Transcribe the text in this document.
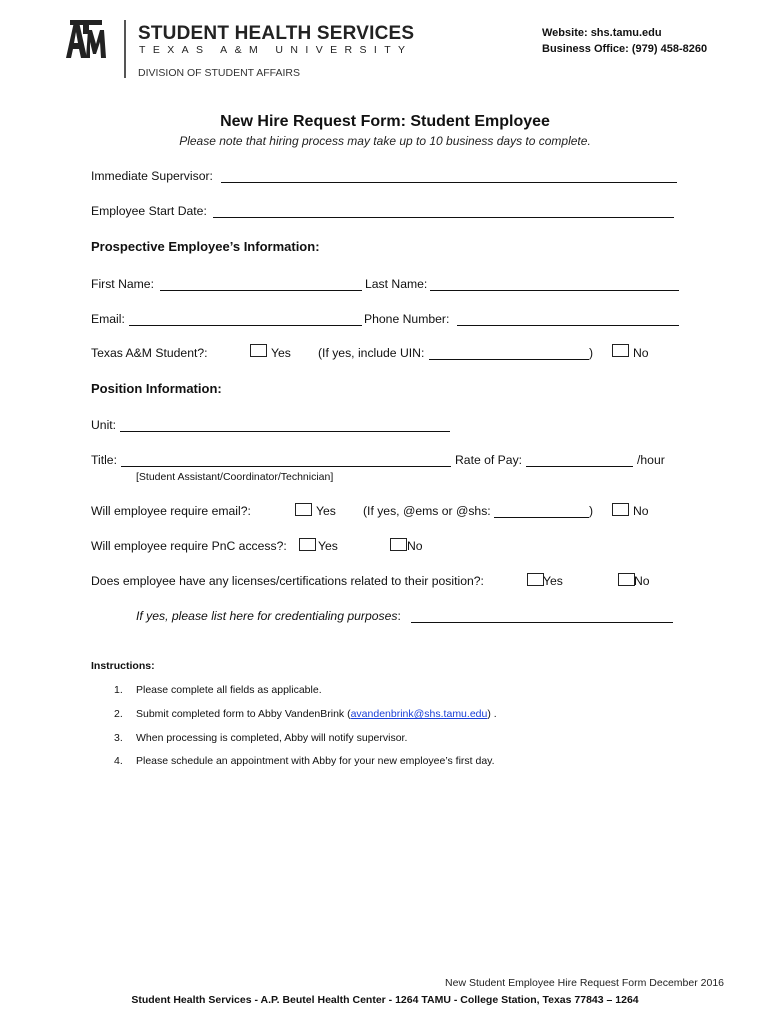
STUDENT HEALTH SERVICES
TEXAS A&M UNIVERSITY
DIVISION OF STUDENT AFFAIRS
Website: shs.tamu.edu
Business Office: (979) 458-8260
New Hire Request Form: Student Employee
Please note that hiring process may take up to 10 business days to complete.
Immediate Supervisor:
Employee Start Date:
Prospective Employee’s Information:
First Name:	Last Name:
Email:	Phone Number:
Texas A&M Student?:	Yes (If yes, include UIN:	)	No
Position Information:
Unit:
Title:	Rate of Pay:	/hour
[Student Assistant/Coordinator/Technician]
Will employee require email?:	Yes (If yes, @ems or @shs:	)	No
Will employee require PnC access?:	Yes	No
Does employee have any licenses/certifications related to their position?:	Yes	No
If yes, please list here for credentialing purposes:
Instructions:
1. Please complete all fields as applicable.
2. Submit completed form to Abby VandenBrink (avandenbrink@shs.tamu.edu) .
3. When processing is completed, Abby will notify supervisor.
4. Please schedule an appointment with Abby for your new employee’s first day.
New Student Employee Hire Request Form December 2016
Student Health Services - A.P. Beutel Health Center - 1264 TAMU - College Station, Texas 77843 – 1264
